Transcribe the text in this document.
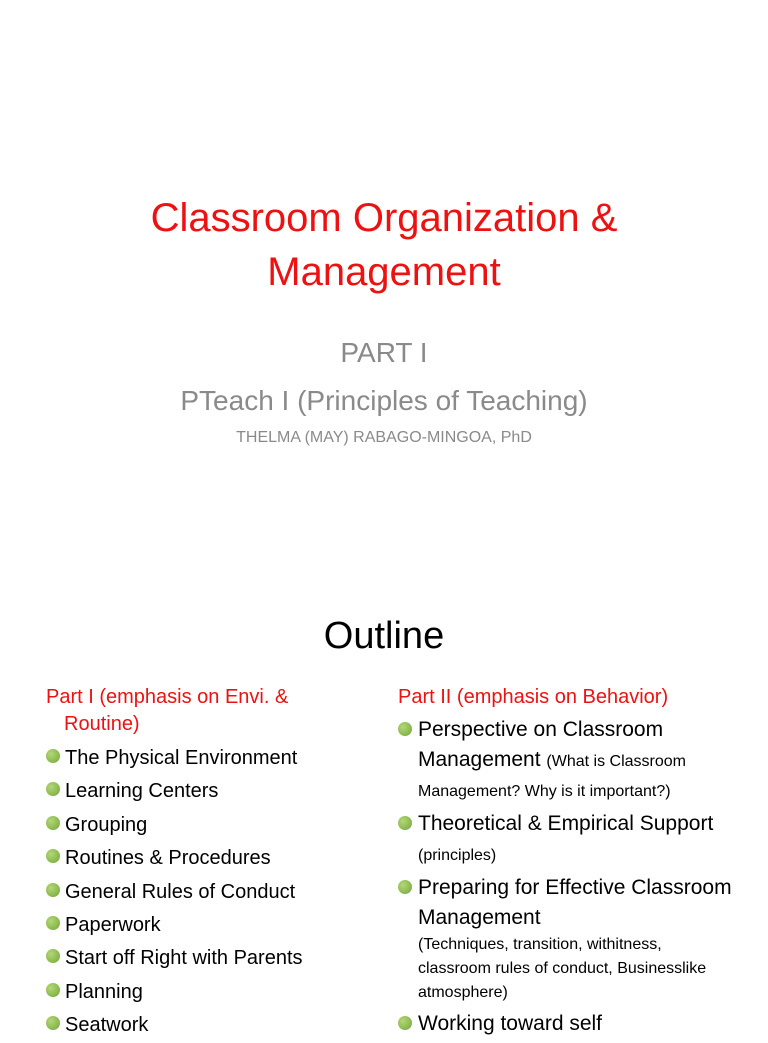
Classroom Organization &
Management
PART I
PTeach I (Principles of Teaching)
THELMA (MAY) RABAGO-MINGOA, PhD
Outline
Part I (emphasis on Envi. &
Routine)
The Physical Environment
Learning Centers
Grouping
Routines & Procedures
General Rules of Conduct
Paperwork
Start off Right with Parents
Planning
Seatwork
Part II (emphasis on Behavior)
Perspective on Classroom Management (What is Classroom Management? Why is it important?)
Theoretical & Empirical Support (principles)
Preparing for Effective Classroom Management
(Techniques, transition, withitness, classroom rules of conduct, Businesslike atmosphere)
Working toward self
